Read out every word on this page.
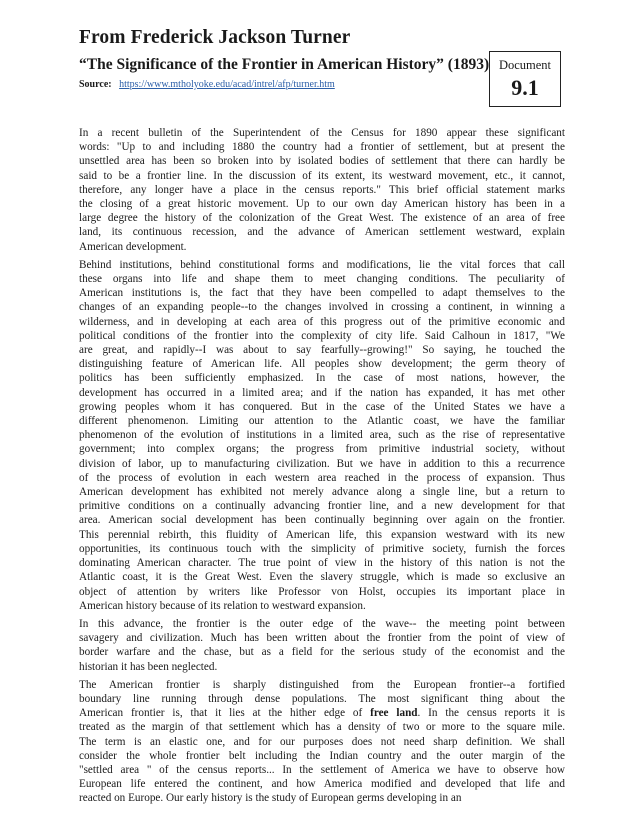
From Frederick Jackson Turner
“The Significance of the Frontier in American History” (1893)
Source: https://www.mtholyoke.edu/acad/intrel/afp/turner.htm
Document
9.1

In a recent bulletin of the Superintendent of the Census for 1890 appear these significant
words: "Up to and including 1880 the country had a frontier of settlement, but at present the
unsettled area has been so broken into by isolated bodies of settlement that there can hardly be
said to be a frontier line. In the discussion of its extent, its westward movement, etc., it cannot,
therefore, any longer have a place in the census reports." This brief official statement marks
the closing of a great historic movement. Up to our own day American history has been in a
large degree the history of the colonization of the Great West. The existence of an area of free
land, its continuous recession, and the advance of American settlement westward, explain
American development.

Behind institutions, behind constitutional forms and modifications, lie the vital forces that call
these organs into life and shape them to meet changing conditions. The peculiarity of
American institutions is, the fact that they have been compelled to adapt themselves to the
changes of an expanding people--to the changes involved in crossing a continent, in winning a
wilderness, and in developing at each area of this progress out of the primitive economic and
political conditions of the frontier into the complexity of city life. Said Calhoun in 1817, "We
are great, and rapidly--I was about to say fearfully--growing!" So saying, he touched the
distinguishing feature of American life. All peoples show development; the germ theory of
politics has been sufficiently emphasized. In the case of most nations, however, the
development has occurred in a limited area; and if the nation has expanded, it has met other
growing peoples whom it has conquered. But in the case of the United States we have a
different phenomenon. Limiting our attention to the Atlantic coast, we have the familiar
phenomenon of the evolution of institutions in a limited area, such as the rise of representative
government; into complex organs; the progress from primitive industrial society, without
division of labor, up to manufacturing civilization. But we have in addition to this a recurrence
of the process of evolution in each western area reached in the process of expansion. Thus
American development has exhibited not merely advance along a single line, but a return to
primitive conditions on a continually advancing frontier line, and a new development for that
area. American social development has been continually beginning over again on the frontier.
This perennial rebirth, this fluidity of American life, this expansion westward with its new
opportunities, its continuous touch with the simplicity of primitive society, furnish the forces
dominating American character. The true point of view in the history of this nation is not the
Atlantic coast, it is the Great West. Even the slavery struggle, which is made so exclusive an
object of attention by writers like Professor von Holst, occupies its important place in
American history because of its relation to westward expansion.

In this advance, the frontier is the outer edge of the wave-- the meeting point between
savagery and civilization. Much has been written about the frontier from the point of view of
border warfare and the chase, but as a field for the serious study of the economist and the
historian it has been neglected.

The American frontier is sharply distinguished from the European frontier--a fortified
boundary line running through dense populations. The most significant thing about the
American frontier is, that it lies at the hither edge of free land. In the census reports it is
treated as the margin of that settlement which has a density of two or more to the square mile.
The term is an elastic one, and for our purposes does not need sharp definition. We shall
consider the whole frontier belt including the Indian country and the outer margin of the
"settled area " of the census reports... In the settlement of America we have to observe how
European life entered the continent, and how America modified and developed that life and
reacted on Europe. Our early history is the study of European germs developing in an
